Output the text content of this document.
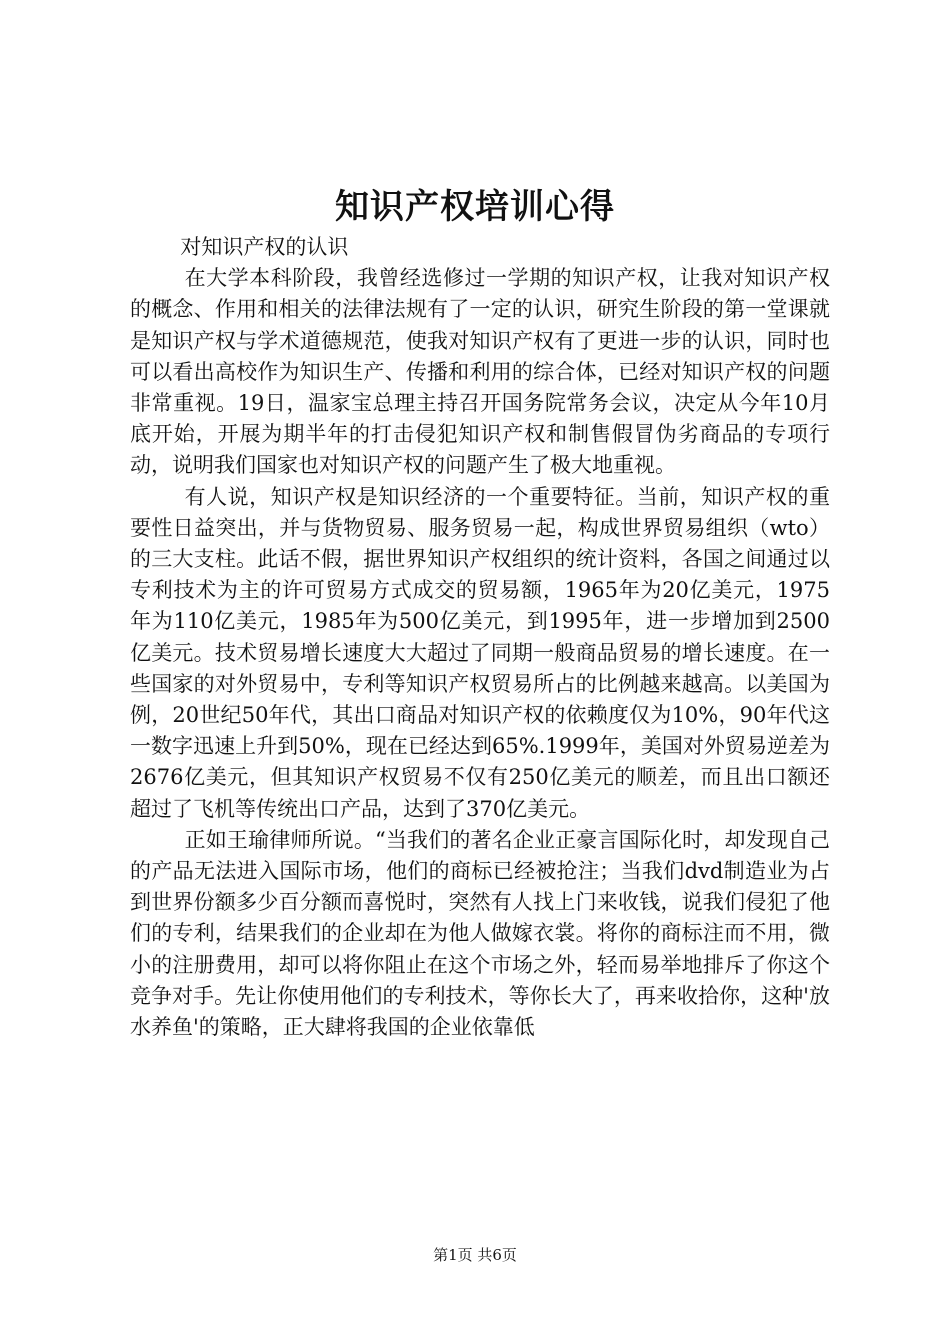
知识产权培训心得

对知识产权的认识

在大学本科阶段，我曾经选修过一学期的知识产权，让我对知识产权的概念、作用和相关的法律法规有了一定的认识，研究生阶段的第一堂课就是知识产权与学术道德规范，使我对知识产权有了更进一步的认识，同时也可以看出高校作为知识生产、传播和利用的综合体，已经对知识产权的问题非常重视。19日，温家宝总理主持召开国务院常务会议，决定从今年10月底开始，开展为期半年的打击侵犯知识产权和制售假冒伪劣商品的专项行动，说明我们国家也对知识产权的问题产生了极大地重视。

有人说，知识产权是知识经济的一个重要特征。当前，知识产权的重要性日益突出，并与货物贸易、服务贸易一起，构成世界贸易组织（wto）的三大支柱。此话不假，据世界知识产权组织的统计资料，各国之间通过以专利技术为主的许可贸易方式成交的贸易额，1965年为20亿美元，1975年为110亿美元，1985年为500亿美元，到1995年，进一步增加到2500亿美元。技术贸易增长速度大大超过了同期一般商品贸易的增长速度。在一些国家的对外贸易中，专利等知识产权贸易所占的比例越来越高。以美国为例，20世纪50年代，其出口商品对知识产权的依赖度仅为10%，90年代这一数字迅速上升到50%，现在已经达到65%.1999年，美国对外贸易逆差为2676亿美元，但其知识产权贸易不仅有250亿美元的顺差，而且出口额还超过了飞机等传统出口产品，达到了370亿美元。

正如王瑜律师所说。“当我们的著名企业正豪言国际化时，却发现自己的产品无法进入国际市场，他们的商标已经被抢注；当我们dvd制造业为占到世界份额多少百分额而喜悦时，突然有人找上门来收钱，说我们侵犯了他们的专利，结果我们的企业却在为他人做嫁衣裳。将你的商标注而不用，微小的注册费用，却可以将你阻止在这个市场之外，轻而易举地排斥了你这个竞争对手。先让你使用他们的专利技术，等你长大了，再来收拾你，这种'放水养鱼'的策略，正大肆将我国的企业依靠低

第1页 共6页
